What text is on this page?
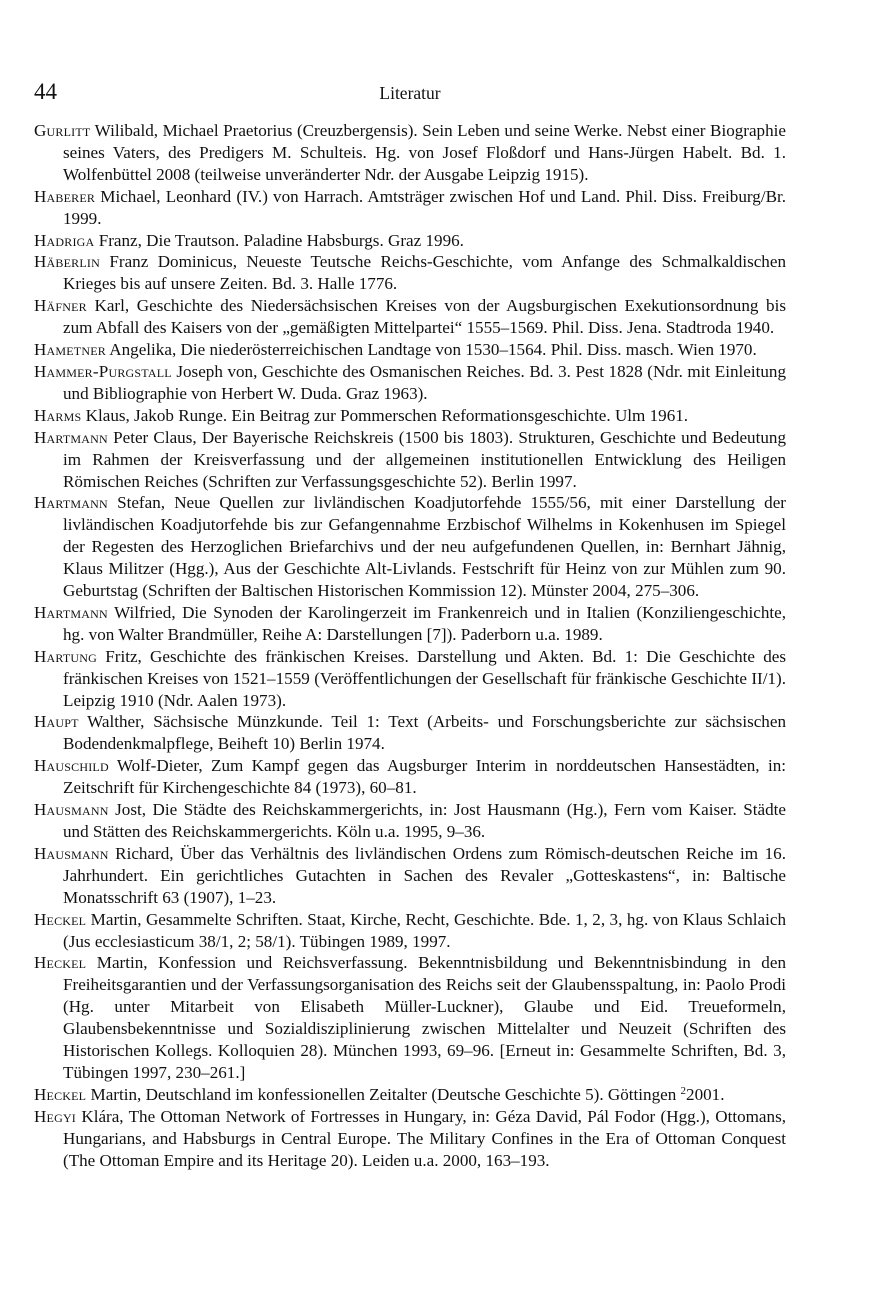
44	Literatur
Gurlitt Wilibald, Michael Praetorius (Creuzbergensis). Sein Leben und seine Werke. Nebst einer Biographie seines Vaters, des Predigers M. Schulteis. Hg. von Josef Floßdorf und Hans-Jürgen Habelt. Bd. 1. Wolfenbüttel 2008 (teilweise unveränderter Ndr. der Ausgabe Leipzig 1915).
Haberer Michael, Leonhard (IV.) von Harrach. Amtsträger zwischen Hof und Land. Phil. Diss. Freiburg/Br. 1999.
Hadriga Franz, Die Trautson. Paladine Habsburgs. Graz 1996.
Häberlin Franz Dominicus, Neueste Teutsche Reichs-Geschichte, vom Anfange des Schmalkaldischen Krieges bis auf unsere Zeiten. Bd. 3. Halle 1776.
Häfner Karl, Geschichte des Niedersächsischen Kreises von der Augsburgischen Exekutionsordnung bis zum Abfall des Kaisers von der „gemäßigten Mittelpartei“ 1555–1569. Phil. Diss. Jena. Stadtroda 1940.
Hametner Angelika, Die niederösterreichischen Landtage von 1530–1564. Phil. Diss. masch. Wien 1970.
Hammer-Purgstall Joseph von, Geschichte des Osmanischen Reiches. Bd. 3. Pest 1828 (Ndr. mit Einleitung und Bibliographie von Herbert W. Duda. Graz 1963).
Harms Klaus, Jakob Runge. Ein Beitrag zur Pommerschen Reformationsgeschichte. Ulm 1961.
Hartmann Peter Claus, Der Bayerische Reichskreis (1500 bis 1803). Strukturen, Geschichte und Bedeutung im Rahmen der Kreisverfassung und der allgemeinen institutionellen Entwicklung des Heiligen Römischen Reiches (Schriften zur Verfassungsgeschichte 52). Berlin 1997.
Hartmann Stefan, Neue Quellen zur livländischen Koadjutorfehde 1555/56, mit einer Darstellung der livländischen Koadjutorfehde bis zur Gefangennahme Erzbischof Wilhelms in Kokenhusen im Spiegel der Regesten des Herzoglichen Briefarchivs und der neu aufgefundenen Quellen, in: Bernhart Jähnig, Klaus Militzer (Hgg.), Aus der Geschichte Alt-Livlands. Festschrift für Heinz von zur Mühlen zum 90. Geburtstag (Schriften der Baltischen Historischen Kommission 12). Münster 2004, 275–306.
Hartmann Wilfried, Die Synoden der Karolingerzeit im Frankenreich und in Italien (Konziliengeschichte, hg. von Walter Brandmüller, Reihe A: Darstellungen [7]). Paderborn u.a. 1989.
Hartung Fritz, Geschichte des fränkischen Kreises. Darstellung und Akten. Bd. 1: Die Geschichte des fränkischen Kreises von 1521–1559 (Veröffentlichungen der Gesellschaft für fränkische Geschichte II/1). Leipzig 1910 (Ndr. Aalen 1973).
Haupt Walther, Sächsische Münzkunde. Teil 1: Text (Arbeits- und Forschungsberichte zur sächsischen Bodendenkmalpflege, Beiheft 10) Berlin 1974.
Hauschild Wolf-Dieter, Zum Kampf gegen das Augsburger Interim in norddeutschen Hansestädten, in: Zeitschrift für Kirchengeschichte 84 (1973), 60–81.
Hausmann Jost, Die Städte des Reichskammergerichts, in: Jost Hausmann (Hg.), Fern vom Kaiser. Städte und Stätten des Reichskammergerichts. Köln u.a. 1995, 9–36.
Hausmann Richard, Über das Verhältnis des livländischen Ordens zum Römisch-deutschen Reiche im 16. Jahrhundert. Ein gerichtliches Gutachten in Sachen des Revaler „Gotteskastens“, in: Baltische Monatsschrift 63 (1907), 1–23.
Heckel Martin, Gesammelte Schriften. Staat, Kirche, Recht, Geschichte. Bde. 1, 2, 3, hg. von Klaus Schlaich (Jus ecclesiasticum 38/1, 2; 58/1). Tübingen 1989, 1997.
Heckel Martin, Konfession und Reichsverfassung. Bekenntnisbildung und Bekenntnisbindung in den Freiheitsgarantien und der Verfassungsorganisation des Reichs seit der Glaubensspaltung, in: Paolo Prodi (Hg. unter Mitarbeit von Elisabeth Müller-Luckner), Glaube und Eid. Treueformeln, Glaubensbekenntnisse und Sozialdisziplinierung zwischen Mittelalter und Neuzeit (Schriften des Historischen Kollegs. Kolloquien 28). München 1993, 69–96. [Erneut in: Gesammelte Schriften, Bd. 3, Tübingen 1997, 230–261.]
Heckel Martin, Deutschland im konfessionellen Zeitalter (Deutsche Geschichte 5). Göttingen $^2$2001.
Hegyi Klára, The Ottoman Network of Fortresses in Hungary, in: Géza David, Pál Fodor (Hgg.), Ottomans, Hungarians, and Habsburgs in Central Europe. The Military Confines in the Era of Ottoman Conquest (The Ottoman Empire and its Heritage 20). Leiden u.a. 2000, 163–193.
